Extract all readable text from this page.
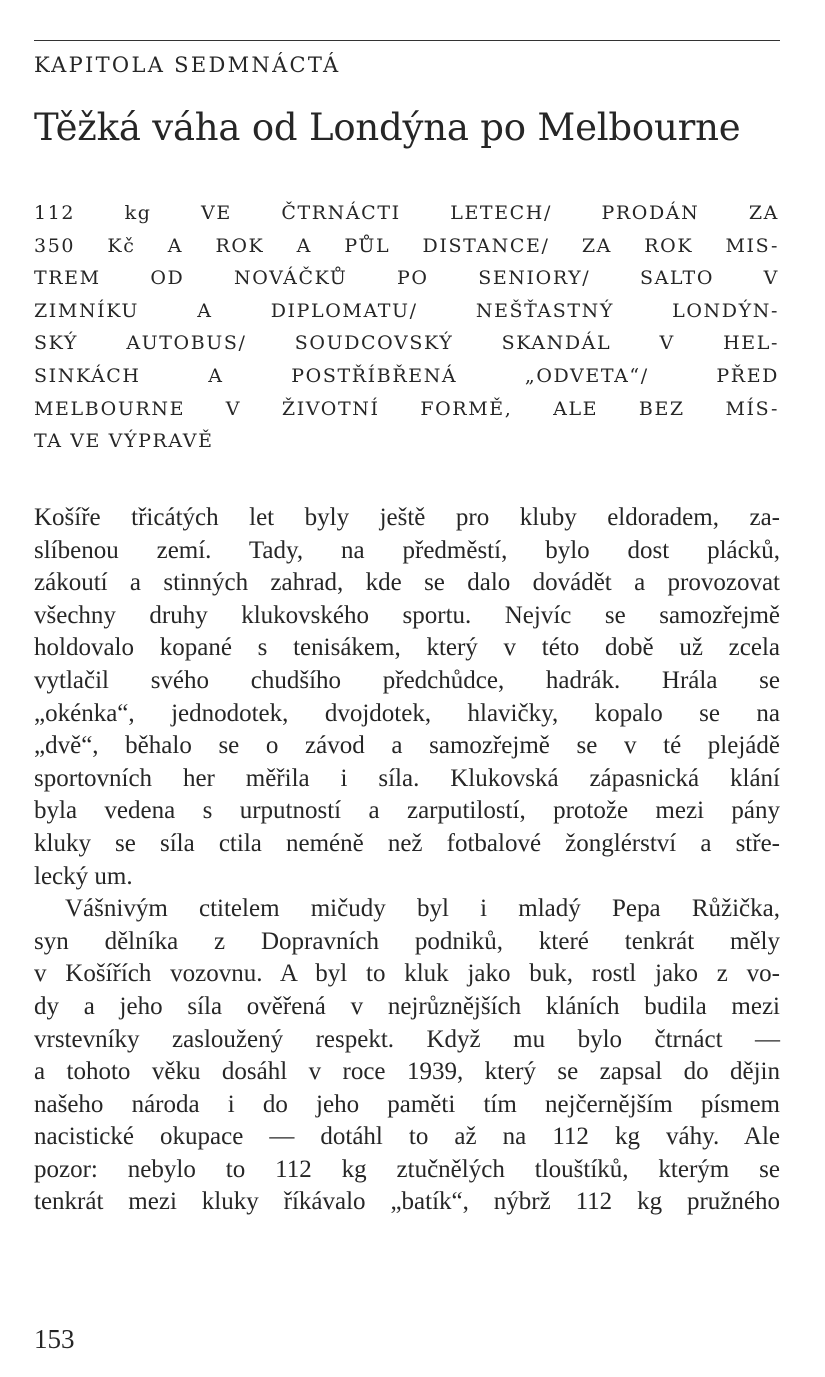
KAPITOLA SEDMNÁCTÁ
Těžká váha od Londýna po Melbourne
112 kg VE ČTRNÁCTI LETECH/ PRODÁN ZA
350 Kč A ROK A PŮL DISTANCE/ ZA ROK MIS-
TREM OD NOVÁČKŮ PO SENIORY/ SALTO V
ZIMNÍKU A DIPLOMATU/ NEŠŤASTNÝ LONDÝN-
SKÝ AUTOBUS/ SOUDCOVSKÝ SKANDÁL V HEL-
SINKÁCH A POSTŘÍBŘENÁ „ODVETA“/ PŘED
MELBOURNE V ŽIVOTNÍ FORMĚ, ALE BEZ MÍS-
TA VE VÝPRAVĚ
Košíře třicátých let byly ještě pro kluby eldoradem, za-
slíbenou zemí. Tady, na předměstí, bylo dost plácků,
zákoutí a stinných zahrad, kde se dalo dovádět a provozovat
všechny druhy klukovského sportu. Nejvíc se samozřejmě
holdovalo kopané s tenisákem, který v této době už zcela
vytlačil svého chudšího předchůdce, hadrák. Hrála se
„okénka“, jednodotek, dvojdotek, hlavičky, kopalo se na
„dvě“, běhalo se o závod a samozřejmě se v té plejádě
sportovních her měřila i síla. Klukovská zápasnická klání
byla vedena s urputností a zarputilostí, protože mezi pány
kluky se síla ctila neméně než fotbalové žonglérství a stře-
lecký um.
Vášnivým ctitelem mičudy byl i mladý Pepa Růžička,
syn dělníka z Dopravních podniků, které tenkrát měly
v Košířích vozovnu. A byl to kluk jako buk, rostl jako z vo-
dy a jeho síla ověřená v nejrůznějších kláních budila mezi
vrstevníky zasloužený respekt. Když mu bylo čtrnáct —
a tohoto věku dosáhl v roce 1939, který se zapsal do dějin
našeho národa i do jeho paměti tím nejčernějším písmem
nacistické okupace — dotáhl to až na 112 kg váhy. Ale
pozor: nebylo to 112 kg ztučnělých tlouštíků, kterým se
tenkrát mezi kluky říkávalo „batík“, nýbrž 112 kg pružného
153
